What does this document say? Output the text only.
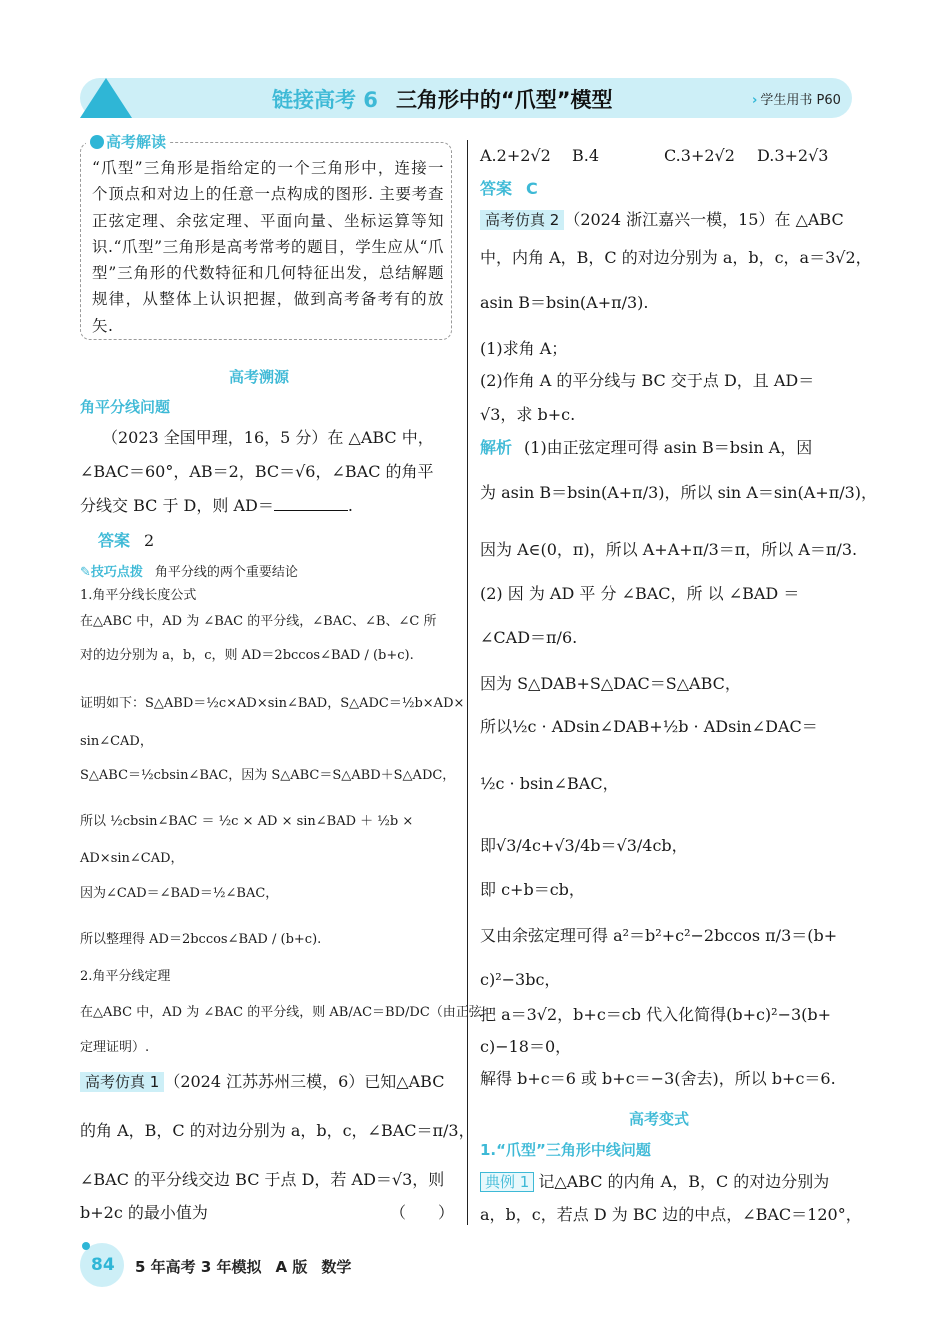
链接高考 6 三角形中的“爪型”模型	› 学生用书 P60
高考解读
“爪型”三角形是指给定的一个三角形中，连接一个顶点和对边上的任意一点构成的图形. 主要考查正弦定理、余弦定理、平面向量、坐标运算等知识.“爪型”三角形是高考常考的题目，学生应从“爪型”三角形的代数特征和几何特征出发，总结解题规律，从整体上认识把握，做到高考备考有的放矢.
高考溯源
角平分线问题
（2023 全国甲理，16，5 分）在 △ABC 中，
∠BAC＝60°，AB＝2，BC＝√6，∠BAC 的角平
分线交 BC 于 D，则 AD＝	.
答案 2
✎技巧点拨 角平分线的两个重要结论
1.角平分线长度公式
在△ABC 中，AD 为 ∠BAC 的平分线，∠BAC、∠B、∠C 所
对的边分别为 a，b，c，则 AD＝2bccos∠BAD / (b+c).
证明如下：S△ABD＝½c×AD×sin∠BAD，S△ADC＝½b×AD×
sin∠CAD，
S△ABC＝½cbsin∠BAC，因为 S△ABC＝S△ABD＋S△ADC，
所以 ½cbsin∠BAC ＝ ½c × AD × sin∠BAD ＋ ½b ×
AD×sin∠CAD，
因为∠CAD＝∠BAD＝½∠BAC，
所以整理得 AD＝2bccos∠BAD / (b+c).
2.角平分线定理
在△ABC 中，AD 为 ∠BAC 的平分线，则 AB/AC＝BD/DC（由正弦
定理证明）.
高考仿真 1 （2024 江苏苏州三模，6）已知△ABC
的角 A，B，C 的对边分别为 a，b，c，∠BAC＝π/3，
∠BAC 的平分线交边 BC 于点 D，若 AD＝√3，则
b+2c 的最小值为	（　　）
A.2+2√2 B.4	C.3+2√2 D.3+2√3
答案 C
高考仿真 2 （2024 浙江嘉兴一模，15）在 △ABC
中，内角 A，B，C 的对边分别为 a，b，c，a＝3√2，
asin B＝bsin(A+π/3).
(1)求角 A；
(2)作角 A 的平分线与 BC 交于点 D，且 AD＝
√3，求 b+c.
解析 (1)由正弦定理可得 asin B＝bsin A，因
为 asin B＝bsin(A+π/3)，所以 sin A＝sin(A+π/3)，
因为 A∈(0，π)，所以 A+A+π/3＝π，所以 A＝π/3.
(2) 因 为 AD 平 分 ∠BAC，所 以 ∠BAD ＝
∠CAD＝π/6.
因为 S△DAB+S△DAC＝S△ABC，
所以½c · ADsin∠DAB+½b · ADsin∠DAC＝
½c · bsin∠BAC，
即√3/4c+√3/4b＝√3/4cb，
即 c+b＝cb，
又由余弦定理可得 a²＝b²+c²−2bccos π/3＝(b+
c)²−3bc，
把 a＝3√2，b+c＝cb 代入化简得(b+c)²−3(b+
c)−18＝0，
解得 b+c＝6 或 b+c＝−3(舍去)，所以 b+c＝6.
高考变式
1.“爪型”三角形中线问题
典例 1 记△ABC 的内角 A，B，C 的对边分别为
a，b，c，若点 D 为 BC 边的中点，∠BAC＝120°，
84 5 年高考 3 年模拟 A 版 数学
